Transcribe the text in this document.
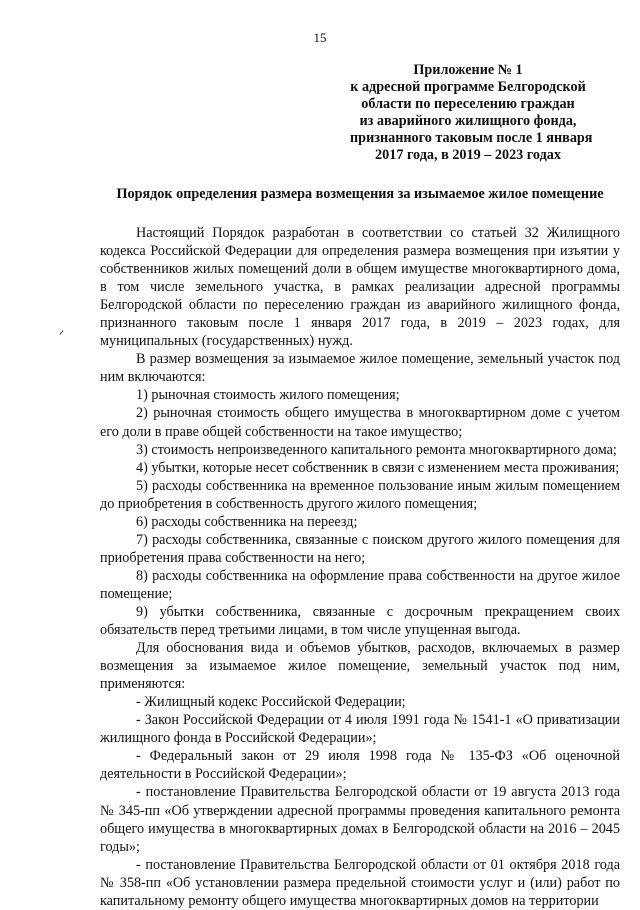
15
Приложение № 1
к адресной программе Белгородской
области по переселению граждан
из аварийного жилищного фонда,
признанного таковым после 1 января
2017 года, в 2019 – 2023 годах
Порядок определения размера возмещения за изымаемое жилое помещение

Настоящий Порядок разработан в соответствии со статьей 32 Жилищного кодекса Российской Федерации для определения размера возмещения при изъятии у собственников жилых помещений доли в общем имуществе многоквартирного дома, в том числе земельного участка, в рамках реализации адресной программы Белгородской области по переселению граждан из аварийного жилищного фонда, признанного таковым после 1 января 2017 года, в 2019 – 2023 годах, для муниципальных (государственных) нужд.

В размер возмещения за изымаемое жилое помещение, земельный участок под ним включаются:

1) рыночная стоимость жилого помещения;

2) рыночная стоимость общего имущества в многоквартирном доме с учетом его доли в праве общей собственности на такое имущество;

3) стоимость непроизведенного капитального ремонта многоквартирного дома;

4) убытки, которые несет собственник в связи с изменением места проживания;

5) расходы собственника на временное пользование иным жилым помещением до приобретения в собственность другого жилого помещения;

6) расходы собственника на переезд;

7) расходы собственника, связанные с поиском другого жилого помещения для приобретения права собственности на него;

8) расходы собственника на оформление права собственности на другое жилое помещение;

9) убытки собственника, связанные с досрочным прекращением своих обязательств перед третьими лицами, в том числе упущенная выгода.

Для обоснования вида и объемов убытков, расходов, включаемых в размер возмещения за изымаемое жилое помещение, земельный участок под ним, применяются:

- Жилищный кодекс Российской Федерации;

- Закон Российской Федерации от 4 июля 1991 года № 1541-1 «О приватизации жилищного фонда в Российской Федерации»;

- Федеральный закон от 29 июля 1998 года № 135-ФЗ «Об оценочной деятельности в Российской Федерации»;

- постановление Правительства Белгородской области от 19 августа 2013 года № 345-пп «Об утверждении адресной программы проведения капитального ремонта общего имущества в многоквартирных домах в Белгородской области на 2016 – 2045 годы»;

- постановление Правительства Белгородской области от 01 октября 2018 года № 358-пп «Об установлении размера предельной стоимости услуг и (или) работ по капитальному ремонту общего имущества многоквартирных домов на территории
